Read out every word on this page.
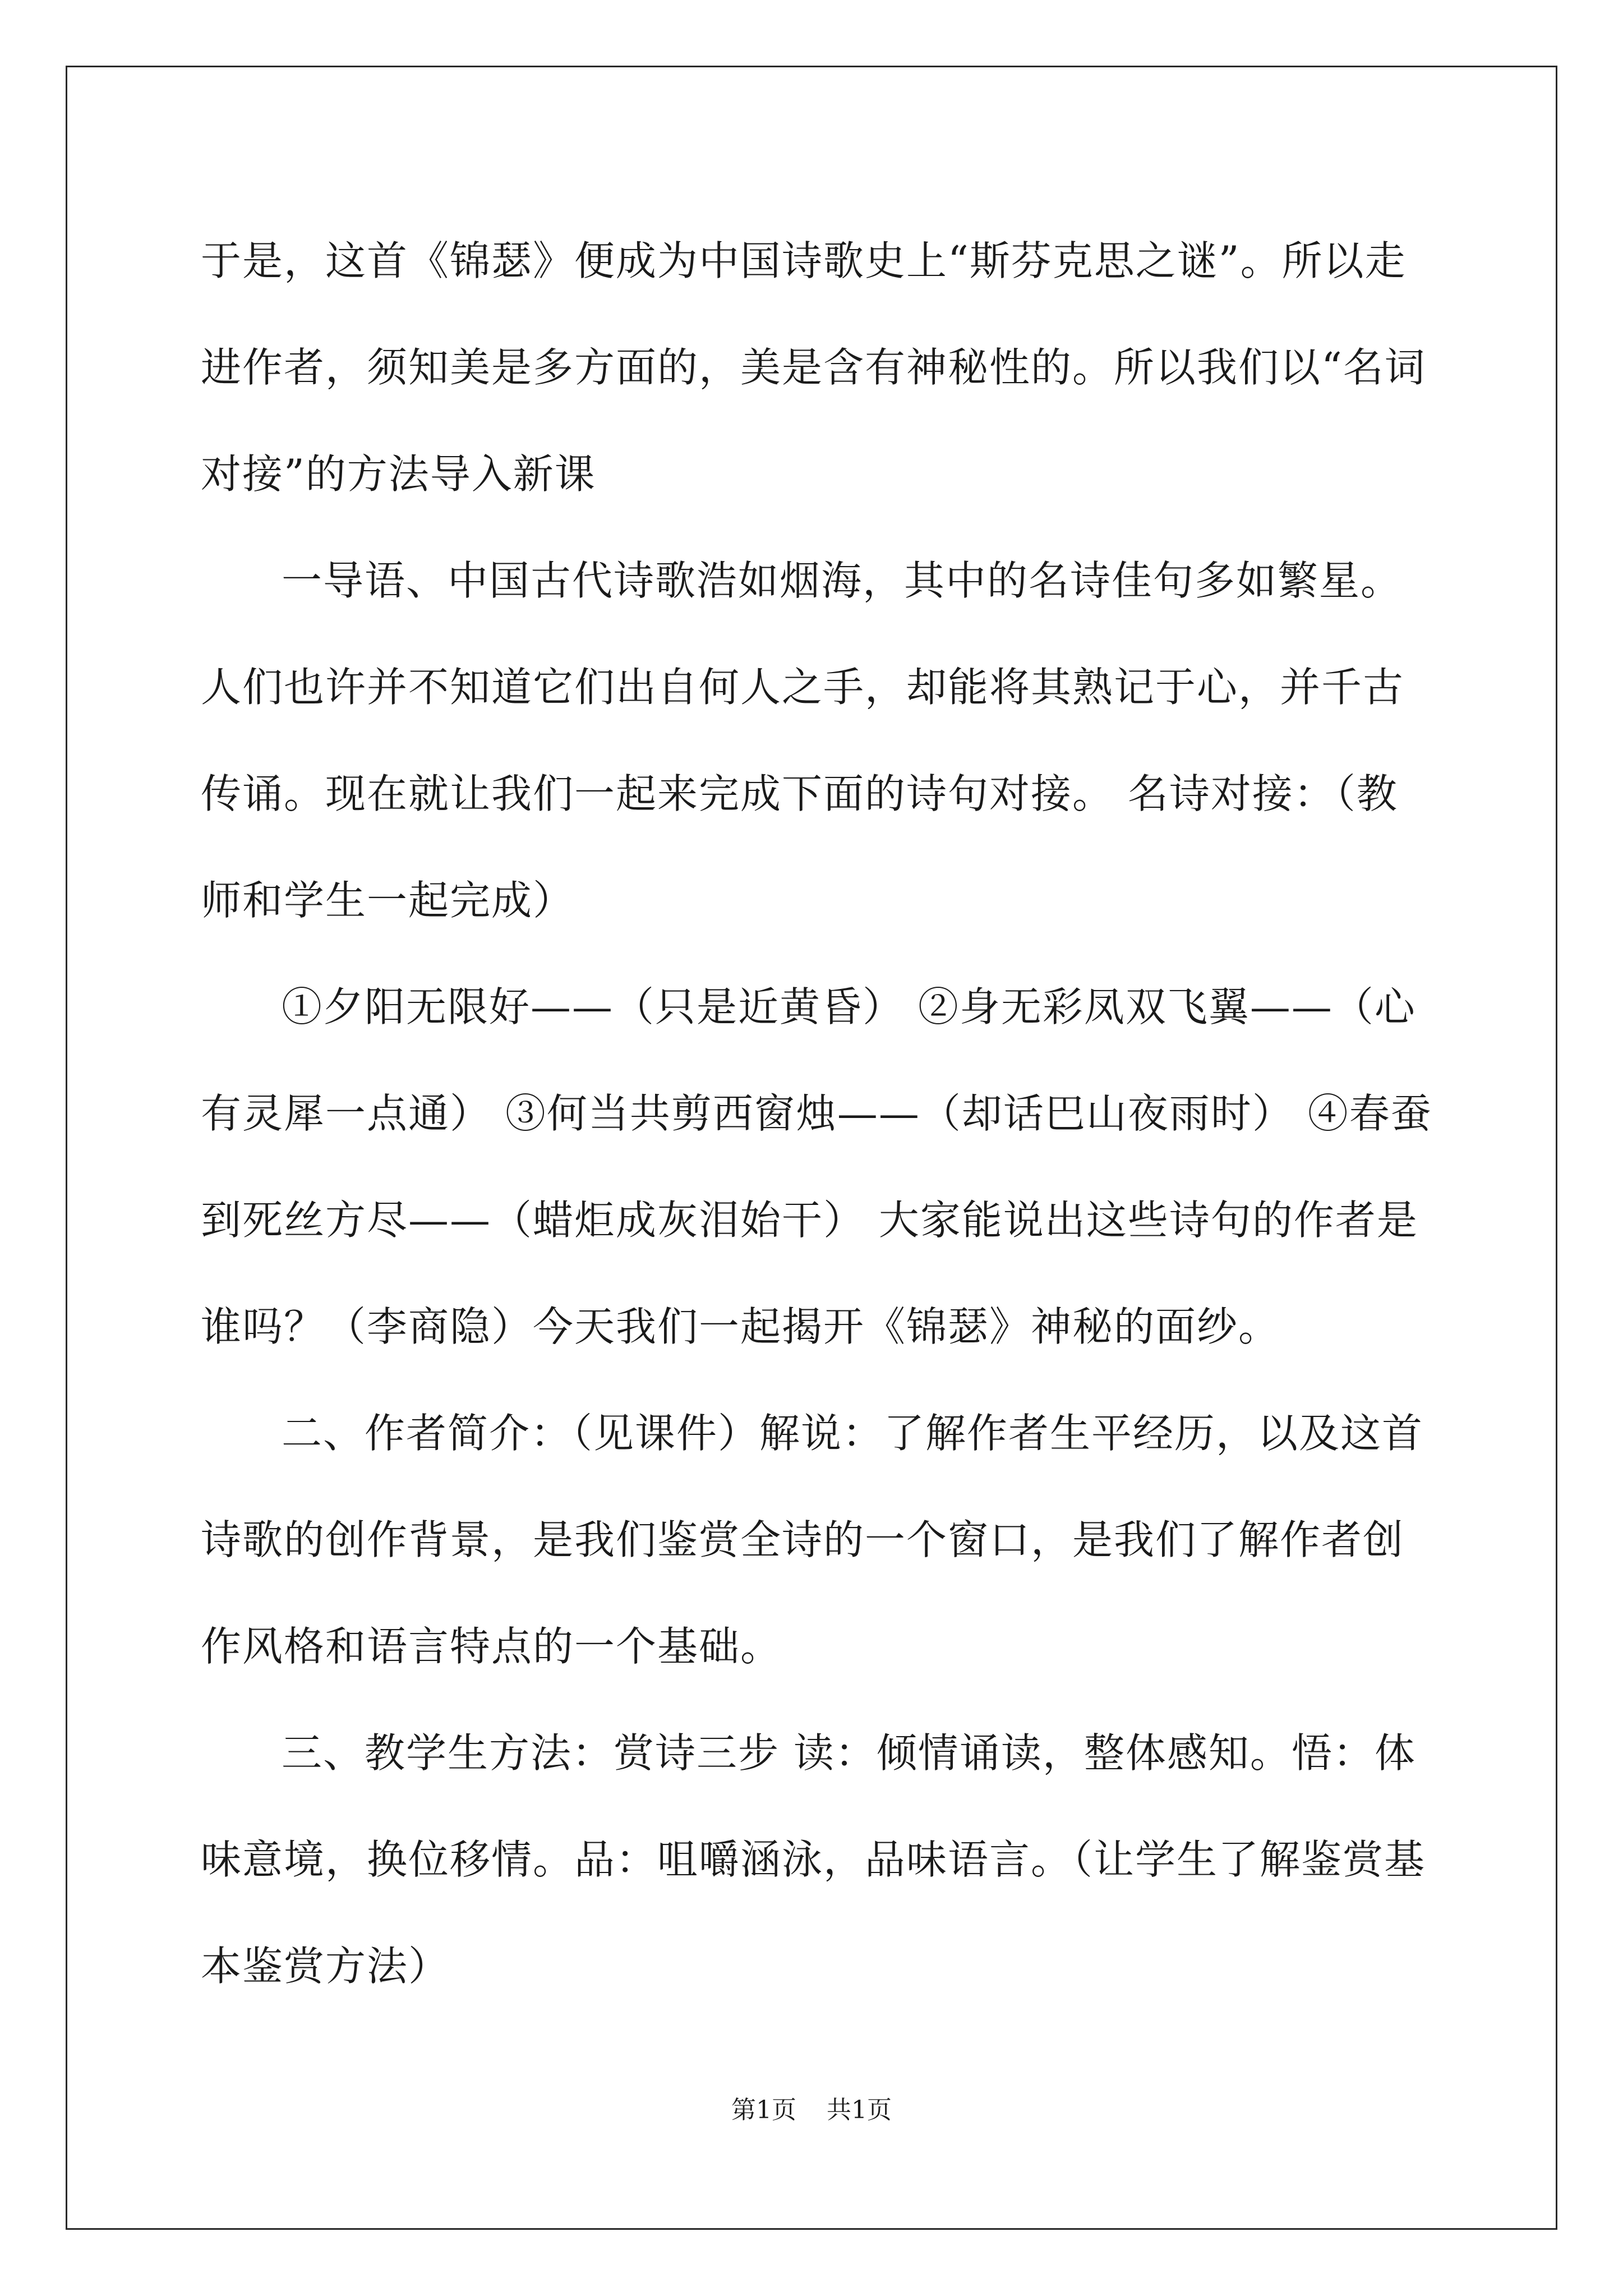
于是，这首《锦瑟》便成为中国诗歌史上“斯芬克思之谜”。所以走进作者，须知美是多方面的，美是含有神秘性的。所以我们以“名词对接”的方法导入新课

一导语、中国古代诗歌浩如烟海，其中的名诗佳句多如繁星。人们也许并不知道它们出自何人之手，却能将其熟记于心，并千古传诵。现在就让我们一起来完成下面的诗句对接。 名诗对接：（教师和学生一起完成）

①夕阳无限好——（只是近黄昏） ②身无彩凤双飞翼——（心有灵犀一点通） ③何当共剪西窗烛——（却话巴山夜雨时） ④春蚕到死丝方尽——（蜡炬成灰泪始干） 大家能说出这些诗句的作者是谁吗？（李商隐）今天我们一起揭开《锦瑟》神秘的面纱。

二、作者简介：（见课件）解说：了解作者生平经历，以及这首诗歌的创作背景，是我们鉴赏全诗的一个窗口，是我们了解作者创作风格和语言特点的一个基础。

三、教学生方法：赏诗三步 读：倾情诵读，整体感知。悟：体味意境，换位移情。品：咀嚼涵泳，品味语言。（让学生了解鉴赏基本鉴赏方法）

第1页 共1页
